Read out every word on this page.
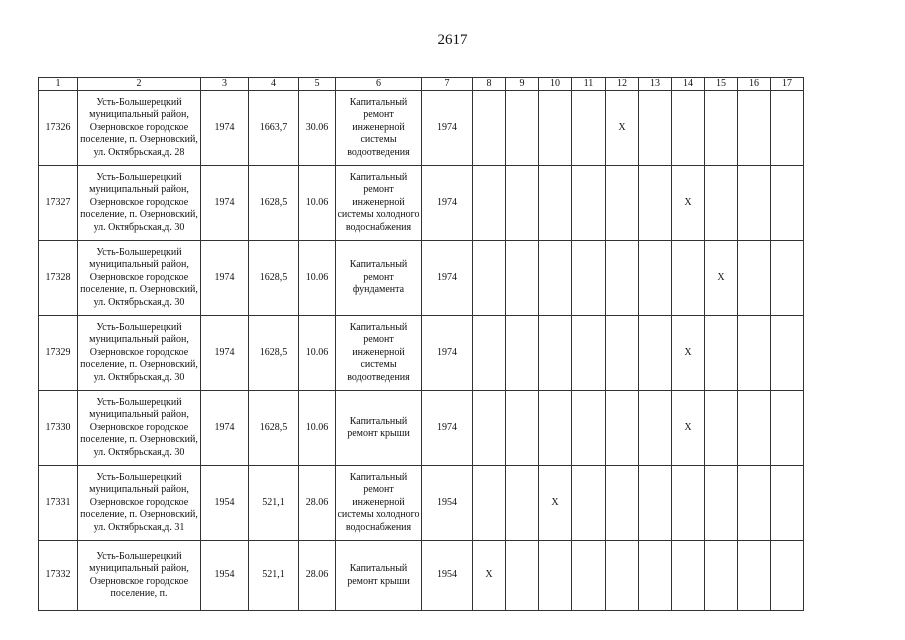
2617
1	2	3	4	5	6	7	8	9	10	11	12	13	14	15	16	17
17326	Усть-Большерецкий муниципальный район, Озерновское городское поселение, п. Озерновский, ул. Октябрьская,д. 28	1974	1663,7	30.06	Капитальный ремонт инженерной системы водоотведения	1974					X					
17327	Усть-Большерецкий муниципальный район, Озерновское городское поселение, п. Озерновский, ул. Октябрьская,д. 30	1974	1628,5	10.06	Капитальный ремонт инженерной системы холодного водоснабжения	1974							X			
17328	Усть-Большерецкий муниципальный район, Озерновское городское поселение, п. Озерновский, ул. Октябрьская,д. 30	1974	1628,5	10.06	Капитальный ремонт фундамента	1974								X		
17329	Усть-Большерецкий муниципальный район, Озерновское городское поселение, п. Озерновский, ул. Октябрьская,д. 30	1974	1628,5	10.06	Капитальный ремонт инженерной системы водоотведения	1974							X			
17330	Усть-Большерецкий муниципальный район, Озерновское городское поселение, п. Озерновский, ул. Октябрьская,д. 30	1974	1628,5	10.06	Капитальный ремонт крыши	1974							X			
17331	Усть-Большерецкий муниципальный район, Озерновское городское поселение, п. Озерновский, ул. Октябрьская,д. 31	1954	521,1	28.06	Капитальный ремонт инженерной системы холодного водоснабжения	1954			X							
17332	Усть-Большерецкий муниципальный район, Озерновское городское поселение, п.	1954	521,1	28.06	Капитальный ремонт крыши	1954	X									
